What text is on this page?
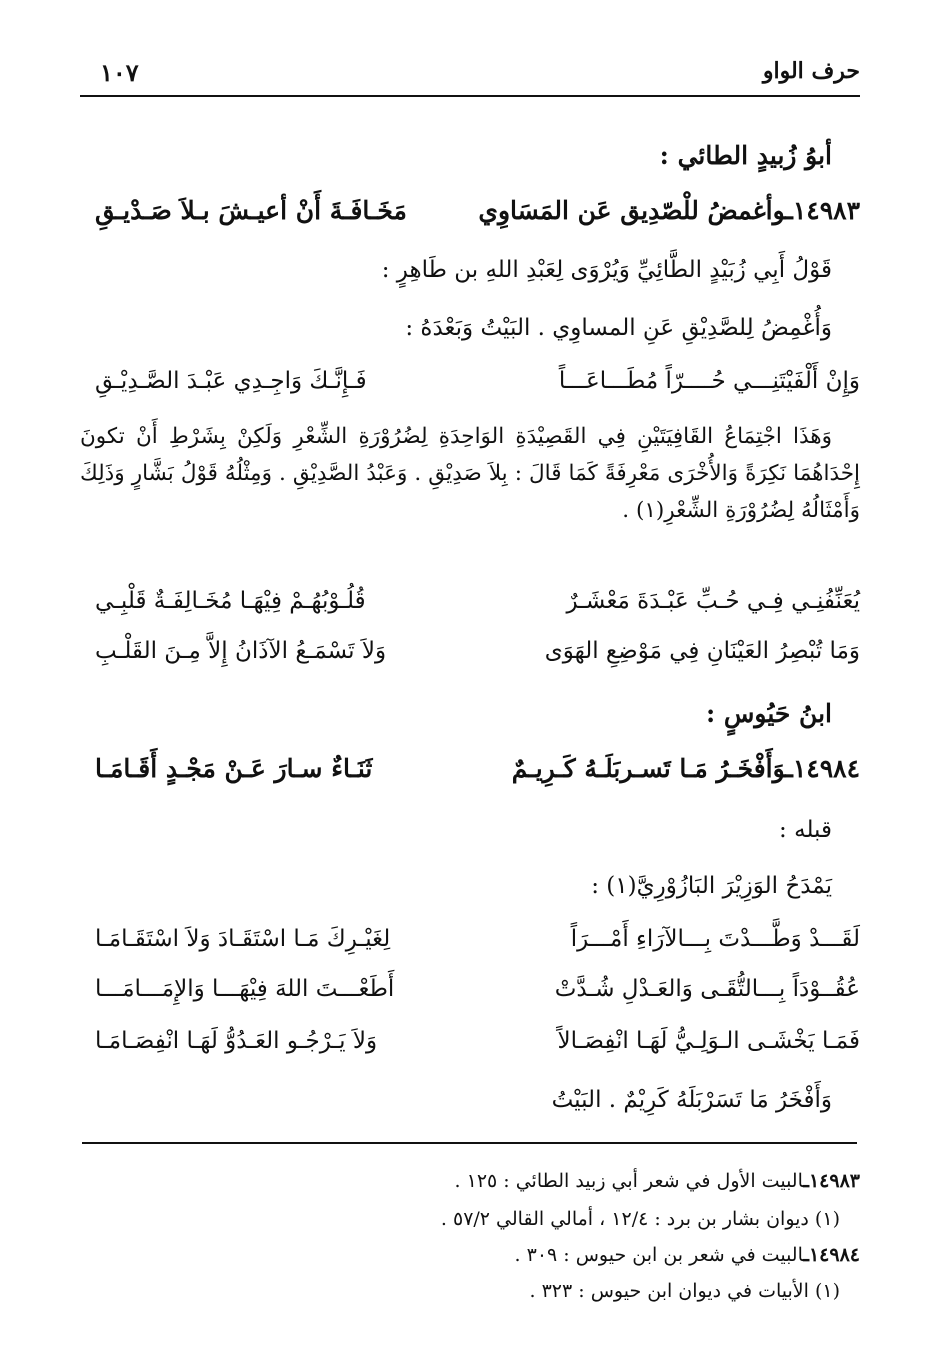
حرف الواو
١٠٧
أبوُ زُبيدٍ الطائي :
١٤٩٨٣ـوأغمضُ للْصّدِيق عَن المَسَاوِي
مَخَـافَـةَ أَنْ أعيـشَ بـلاَ صَـدْيـقِ
قَوْلُ أَبِي زُبَيْدٍ الطَّائِيِّ وَيُرْوَى لِعَبْدِ اللهِ بن طَاهِرٍ :
وَأُغْمِضُ لِلصَّدِيْقِ عَنِ المساوِي . البَيْتُ وَبَعْدَهُ :
وَإِنْ أَلْفَيْتَنِـــي حُــــرّاً مُطَـــاعَـــاً
فَـإِنَّـكَ وَاجِـدِي عَبْـدَ الصَّـدِيْـقِ

وَهَذَا اجْتِمَاعُ القَافِيَتَيْنِ فِي القَصِيْدَةِ الوَاحِدَةِ لِضُرُوْرَةِ الشِّعْرِ وَلَكِنْ بِشَرْطِ أَنْ تكونَ إِحْدَاهُمَا نَكِرَةً وَالأُخْرَى مَعْرِفَةً كَمَا قَالَ : بِلاَ صَدِيْقِ . وَعَبْدُ الصَّدِيْقِ . وَمِثْلُهُ قَوْلُ بَشَّارٍ وَذَلِكَ وَأَمْثَالُهُ لِضُرُوْرَةِ الشِّعْرِ(١) .

يُعَنِّفُنِـي فِـي حُـبِّ عَبْـدَةَ مَعْشَـرٌ
قُلُـوْبُهُـمْ فِيْهَـا مُخَـالِفَـةٌ قَلْبِـي
وَمَا تُبْصِرُ العَيْنَانِ فِي مَوْضِعِ الهَوَى
وَلاَ تَسْمَـعُ الآذَانُ إِلاَّ مِـنَ القَلْـبِ
ابنُ حَيُوسٍ :
١٤٩٨٤ـوَأَفْخَـرُ مَـا تَسـربَلَـهُ كَـرِيـمٌ
ثَنَـاءٌ سـارَ عَـنْ مَجْـدٍ أَقَـامَـا
قبله :
يَمْدَحُ الوَزِيْرَ البَازُوْرِيَّ(١) :
لَقَـــدْ وَطَّـــدْتَ بِـــالآرَاءِ أَمْـــرَاً
لِغَيْـرِكَ مَـا اسْتَقَـادَ وَلاَ اسْتَقَـامَـا
عُقُــوْدَاً بِـــالتُّقَـى وَالعَـدْلِ شُـدَّتْ
أَطَعْـــتَ اللهَ فِيْهَـــا وَالإِمَـــامَـــا
فَمَـا يَخْشَـى الـوَلِـيُّ لَهَـا انْفِصَـالاً
وَلاَ يَـرْجُـو العَـدُوُّ لَهَـا انْفِصَـامَـا
وَأَفْخَرُ مَا تَسَرْبَلَهُ كَرِيْمٌ . البَيْتُ
١٤٩٨٣ـالبيت الأول في شعر أبي زبيد الطائي : ١٢٥ .
(١) ديوان بشار بن برد : ١٢/٤ ، أمالي القالي ٥٧/٢ .
١٤٩٨٤ـالبيت في شعر بن ابن حيوس : ٣٠٩ .
(١) الأبيات في ديوان ابن حيوس : ٣٢٣ .
